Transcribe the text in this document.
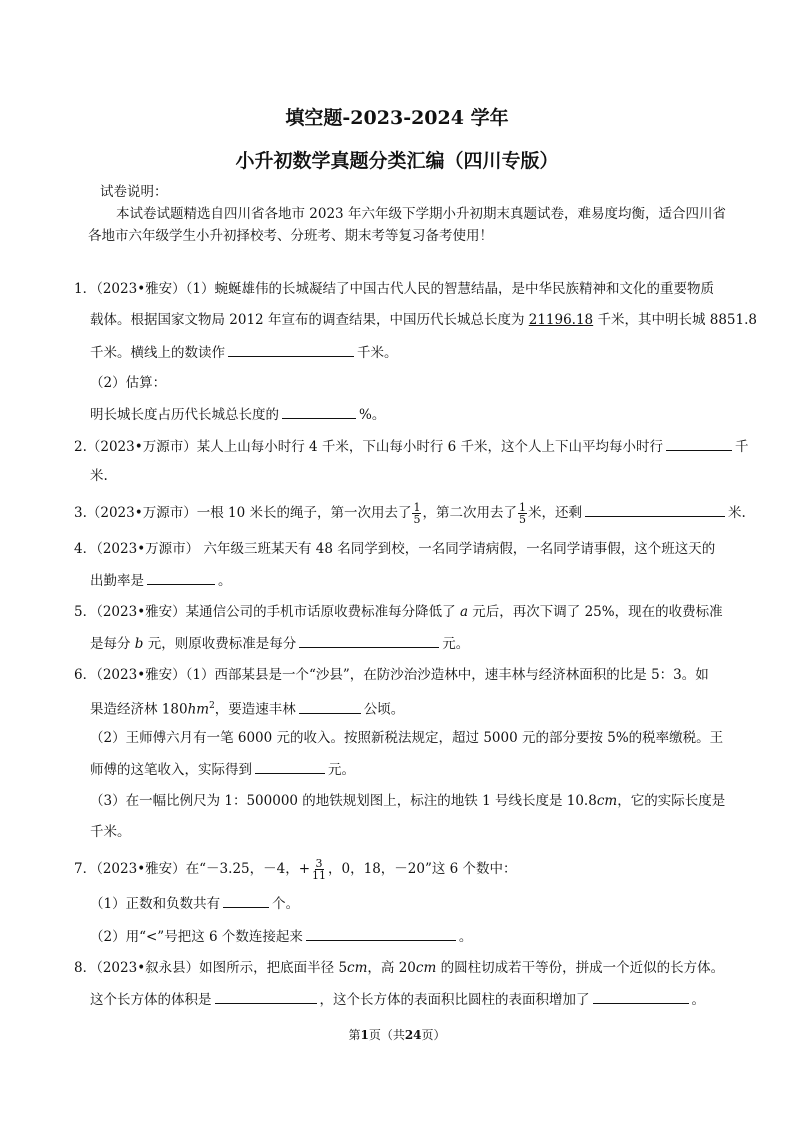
填空题-2023-2024 学年
小升初数学真题分类汇编（四川专版）
试卷说明：
本试卷试题精选自四川省各地市 2023 年六年级下学期小升初期末真题试卷，难易度均衡，适合四川省
各地市六年级学生小升初择校考、分班考、期末考等复习备考使用！
1．（2023•雅安）（1）蜿蜒雄伟的长城凝结了中国古代人民的智慧结晶，是中华民族精神和文化的重要物质
载体。根据国家文物局 2012 年宣布的调查结果，中国历代长城总长度为 21196.18 千米，其中明长城 8851.8
千米。横线上的数读作	千米。
（2）估算：
明长城长度占历代长城总长度的	%。
2.（2023•万源市）某人上山每小时行 4 千米，下山每小时行 6 千米，这个人上下山平均每小时行	千
米.
3.（2023•万源市）一根 10 米长的绳子，第一次用去了 $\frac{1}{5}$ ，第二次用去了 $\frac{1}{5}$ 米，还剩	米.
4．（2023•万源市） 六年级三班某天有 48 名同学到校，一名同学请病假，一名同学请事假，这个班这天的
出勤率是	。
5．（2023•雅安）某通信公司的手机市话原收费标准每分降低了 a 元后，再次下调了 25%，现在的收费标准
是每分 b 元，则原收费标准是每分	元。
6．（2023•雅安）（1）西部某县是一个“沙县”，在防沙治沙造林中，速丰林与经济林面积的比是 5：3。如
果造经济林 $180hm^2$，要造速丰林	公顷。
（2）王师傅六月有一笔 6000 元的收入。按照新税法规定，超过 5000 元的部分要按 5%的税率缴税。王
师傅的这笔收入，实际得到	元。
（3）在一幅比例尺为 1：500000 的地铁规划图上，标注的地铁 1 号线长度是 10.8cm，它的实际长度是
千米。
7．（2023•雅安）在“－3.25，－4，+ $\frac{3}{11}$ ，0，18，－20”这 6 个数中：
（1）正数和负数共有	个。
（2）用“<”号把这 6 个数连接起来	。
8．（2023•叙永县）如图所示，把底面半径 5cm，高 20cm 的圆柱切成若干等份，拼成一个近似的长方体。
这个长方体的体积是	，这个长方体的表面积比圆柱的表面积增加了	。
第1页（共24页）
